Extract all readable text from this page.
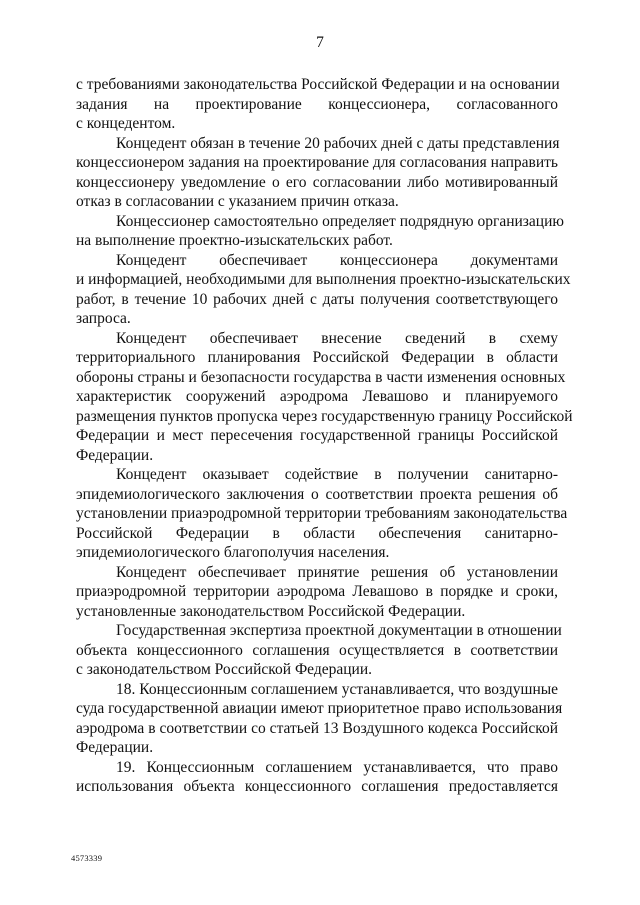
7
с требованиями законодательства Российской Федерации и на основании
задания на проектирование концессионера, согласованного
с концедентом.
Концедент обязан в течение 20 рабочих дней с даты представления
концессионером задания на проектирование для согласования направить
концессионеру уведомление о его согласовании либо мотивированный
отказ в согласовании с указанием причин отказа.
Концессионер самостоятельно определяет подрядную организацию
на выполнение проектно-изыскательских работ.
Концедент обеспечивает концессионера документами
и информацией, необходимыми для выполнения проектно-изыскательских
работ, в течение 10 рабочих дней с даты получения соответствующего
запроса.
Концедент обеспечивает внесение сведений в схему
территориального планирования Российской Федерации в области
обороны страны и безопасности государства в части изменения основных
характеристик сооружений аэродрома Левашово и планируемого
размещения пунктов пропуска через государственную границу Российской
Федерации и мест пересечения государственной границы Российской
Федерации.
Концедент оказывает содействие в получении санитарно-
эпидемиологического заключения о соответствии проекта решения об
установлении приаэродромной территории требованиям законодательства
Российской Федерации в области обеспечения санитарно-
эпидемиологического благополучия населения.
Концедент обеспечивает принятие решения об установлении
приаэродромной территории аэродрома Левашово в порядке и сроки,
установленные законодательством Российской Федерации.
Государственная экспертиза проектной документации в отношении
объекта концессионного соглашения осуществляется в соответствии
с законодательством Российской Федерации.
18. Концессионным соглашением устанавливается, что воздушные
суда государственной авиации имеют приоритетное право использования
аэродрома в соответствии со статьей 13 Воздушного кодекса Российской
Федерации.
19. Концессионным соглашением устанавливается, что право
использования объекта концессионного соглашения предоставляется
4573339
